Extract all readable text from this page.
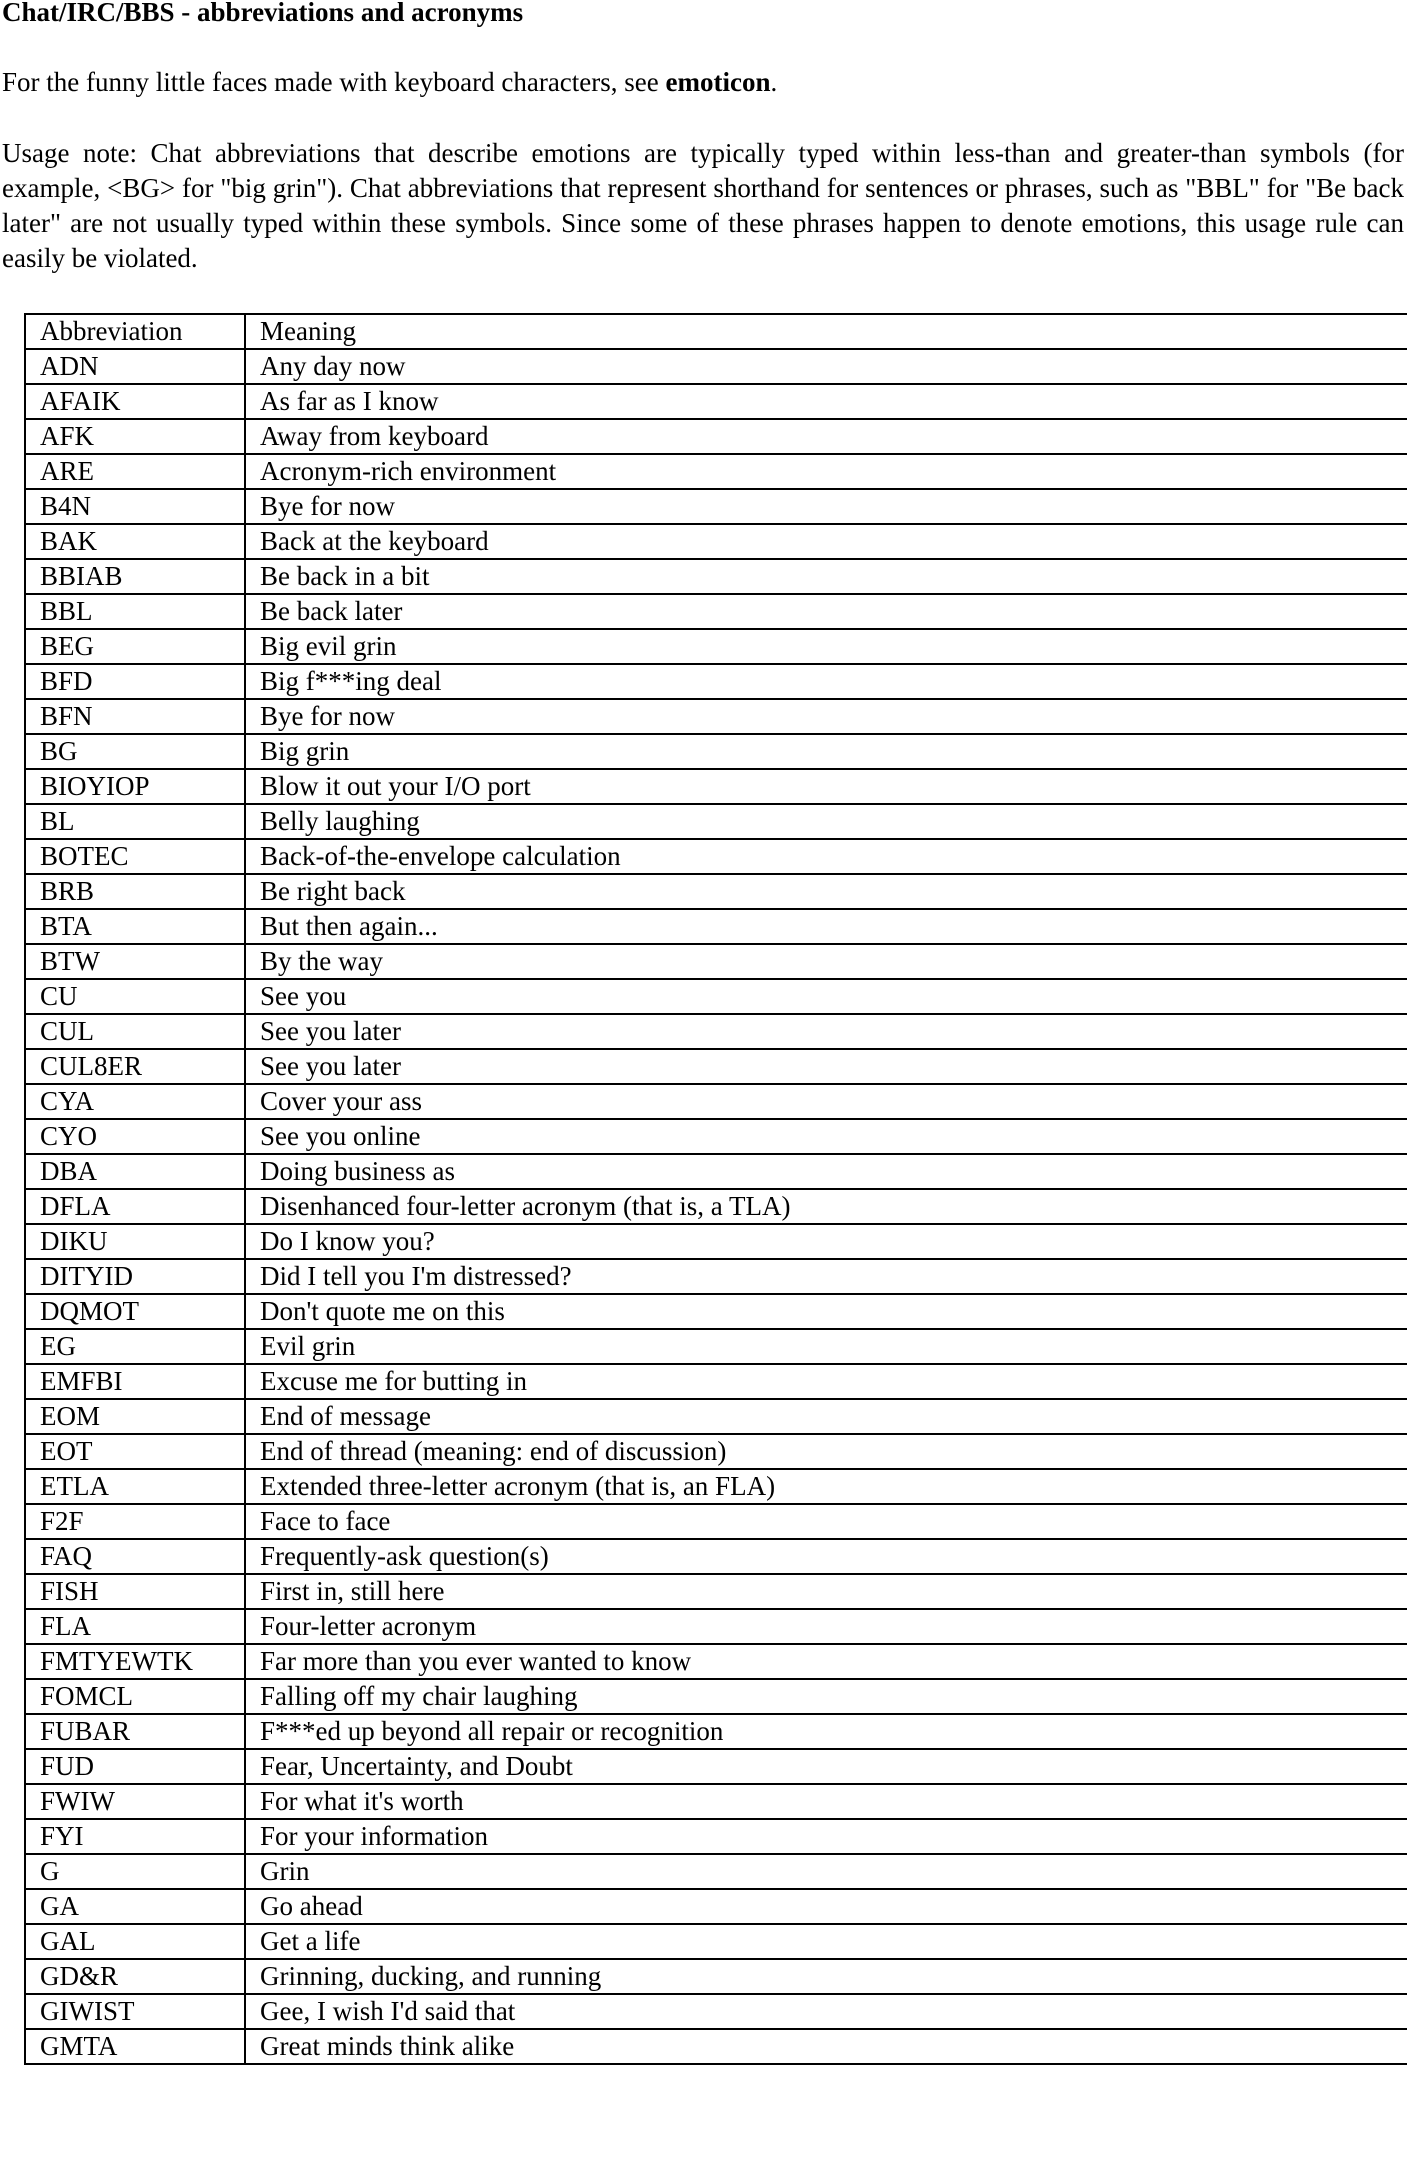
Chat/IRC/BBS - abbreviations and acronyms

For the funny little faces made with keyboard characters, see emoticon.

Usage note: Chat abbreviations that describe emotions are typically typed within less-than and greater-than symbols (for example, <BG> for "big grin"). Chat abbreviations that represent shorthand for sentences or phrases, such as "BBL" for "Be back later" are not usually typed within these symbols. Since some of these phrases happen to denote emotions, this usage rule can easily be violated.

Abbreviation	Meaning
ADN	Any day now
AFAIK	As far as I know
AFK	Away from keyboard
ARE	Acronym-rich environment
B4N	Bye for now
BAK	Back at the keyboard
BBIAB	Be back in a bit
BBL	Be back later
BEG	Big evil grin
BFD	Big f***ing deal
BFN	Bye for now
BG	Big grin
BIOYIOP	Blow it out your I/O port
BL	Belly laughing
BOTEC	Back-of-the-envelope calculation
BRB	Be right back
BTA	But then again...
BTW	By the way
CU	See you
CUL	See you later
CUL8ER	See you later
CYA	Cover your ass
CYO	See you online
DBA	Doing business as
DFLA	Disenhanced four-letter acronym (that is, a TLA)
DIKU	Do I know you?
DITYID	Did I tell you I'm distressed?
DQMOT	Don't quote me on this
EG	Evil grin
EMFBI	Excuse me for butting in
EOM	End of message
EOT	End of thread (meaning: end of discussion)
ETLA	Extended three-letter acronym (that is, an FLA)
F2F	Face to face
FAQ	Frequently-ask question(s)
FISH	First in, still here
FLA	Four-letter acronym
FMTYEWTK	Far more than you ever wanted to know
FOMCL	Falling off my chair laughing
FUBAR	F***ed up beyond all repair or recognition
FUD	Fear, Uncertainty, and Doubt
FWIW	For what it's worth
FYI	For your information
G	Grin
GA	Go ahead
GAL	Get a life
GD&R	Grinning, ducking, and running
GIWIST	Gee, I wish I'd said that
GMTA	Great minds think alike
